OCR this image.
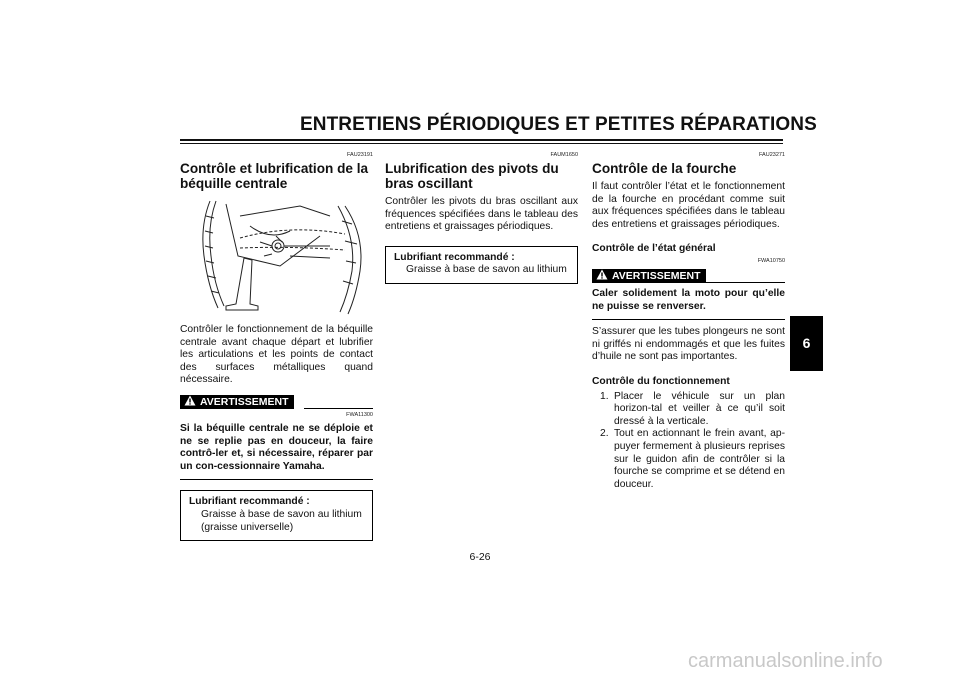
ENTRETIENS PÉRIODIQUES ET PETITES RÉPARATIONS
FAU23191
Contrôle et lubrification de la béquille centrale

Contrôler le fonctionnement de la béquille centrale avant chaque départ et lubrifier les articulations et les points de contact des surfaces métalliques quand nécessaire.

AVERTISSEMENT
FWA11300
Si la béquille centrale ne se déploie et ne se replie pas en douceur, la faire contrô-ler et, si nécessaire, réparer par un con-cessionnaire Yamaha.
Lubrifiant recommandé :
Graisse à base de savon au lithium (graisse universelle)
FAUM1650
Lubrification des pivots du bras oscillant

Contrôler les pivots du bras oscillant aux fréquences spécifiées dans le tableau des entretiens et graissages périodiques.

Lubrifiant recommandé :
Graisse à base de savon au lithium
FAU23271
Contrôle de la fourche

Il faut contrôler l’état et le fonctionnement de la fourche en procédant comme suit aux fréquences spécifiées dans le tableau des entretiens et graissages périodiques.

Contrôle de l’état général
FWA10750
AVERTISSEMENT
Caler solidement la moto pour qu’elle ne puisse se renverser.

S’assurer que les tubes plongeurs ne sont ni griffés ni endommagés et que les fuites d’huile ne sont pas importantes.

Contrôle du fonctionnement
1. Placer le véhicule sur un plan horizon-tal et veiller à ce qu’il soit dressé à la verticale.
2. Tout en actionnant le frein avant, ap-puyer fermement à plusieurs reprises sur le guidon afin de contrôler si la fourche se comprime et se détend en douceur.
6
6-26
carmanualsonline.info
